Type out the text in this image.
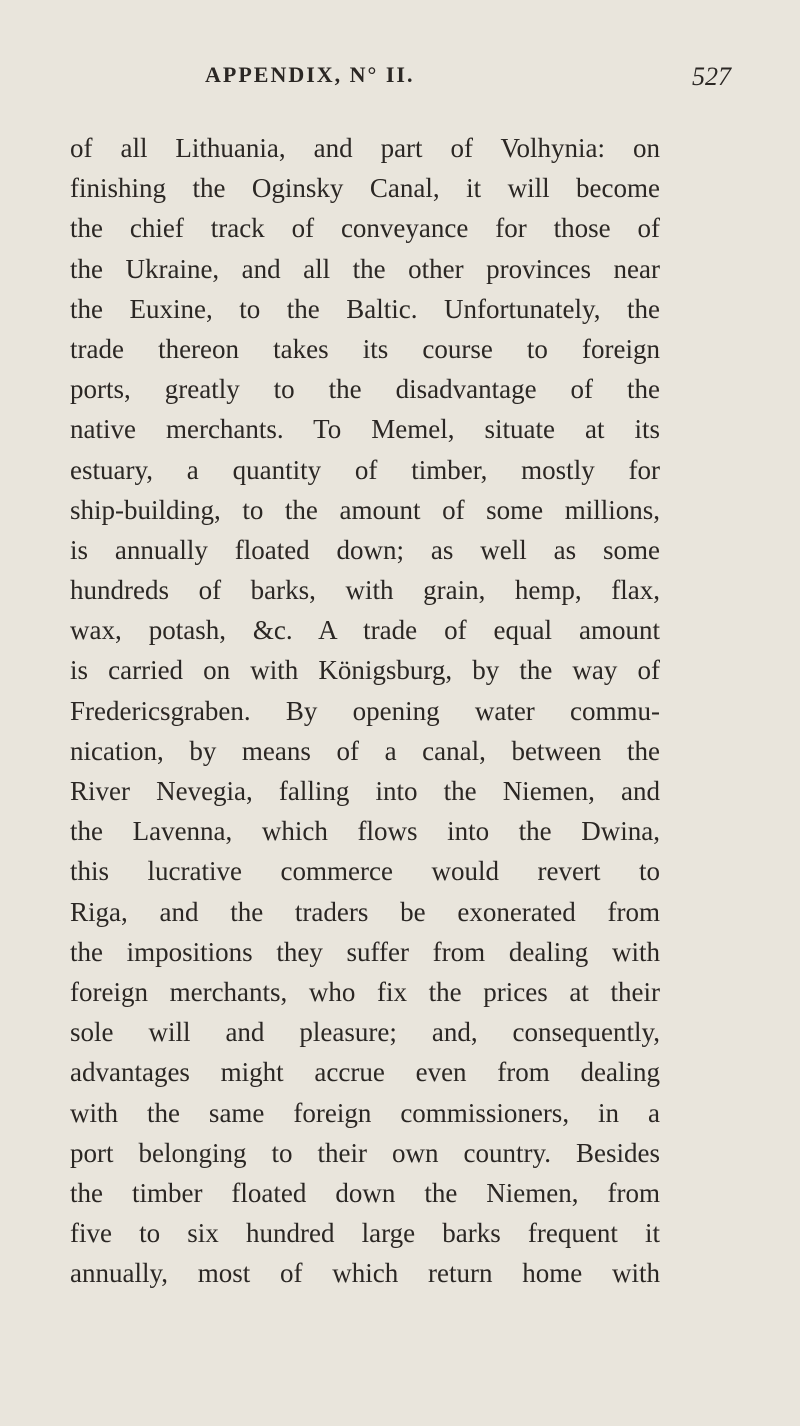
APPENDIX, N° II.	527
of all Lithuania, and part of Volhynia: on
finishing the Oginsky Canal, it will become
the chief track of conveyance for those of
the Ukraine, and all the other provinces near
the Euxine, to the Baltic. Unfortunately, the
trade thereon takes its course to foreign
ports, greatly to the disadvantage of the
native merchants. To Memel, situate at its
estuary, a quantity of timber, mostly for
ship-building, to the amount of some millions,
is annually floated down; as well as some
hundreds of barks, with grain, hemp, flax,
wax, potash, &c. A trade of equal amount
is carried on with Königsburg, by the way of
Fredericsgraben. By opening water commu-
nication, by means of a canal, between the
River Nevegia, falling into the Niemen, and
the Lavenna, which flows into the Dwina,
this lucrative commerce would revert to
Riga, and the traders be exonerated from
the impositions they suffer from dealing with
foreign merchants, who fix the prices at their
sole will and pleasure; and, consequently,
advantages might accrue even from dealing
with the same foreign commissioners, in a
port belonging to their own country. Besides
the timber floated down the Niemen, from
five to six hundred large barks frequent it
annually, most of which return home with
